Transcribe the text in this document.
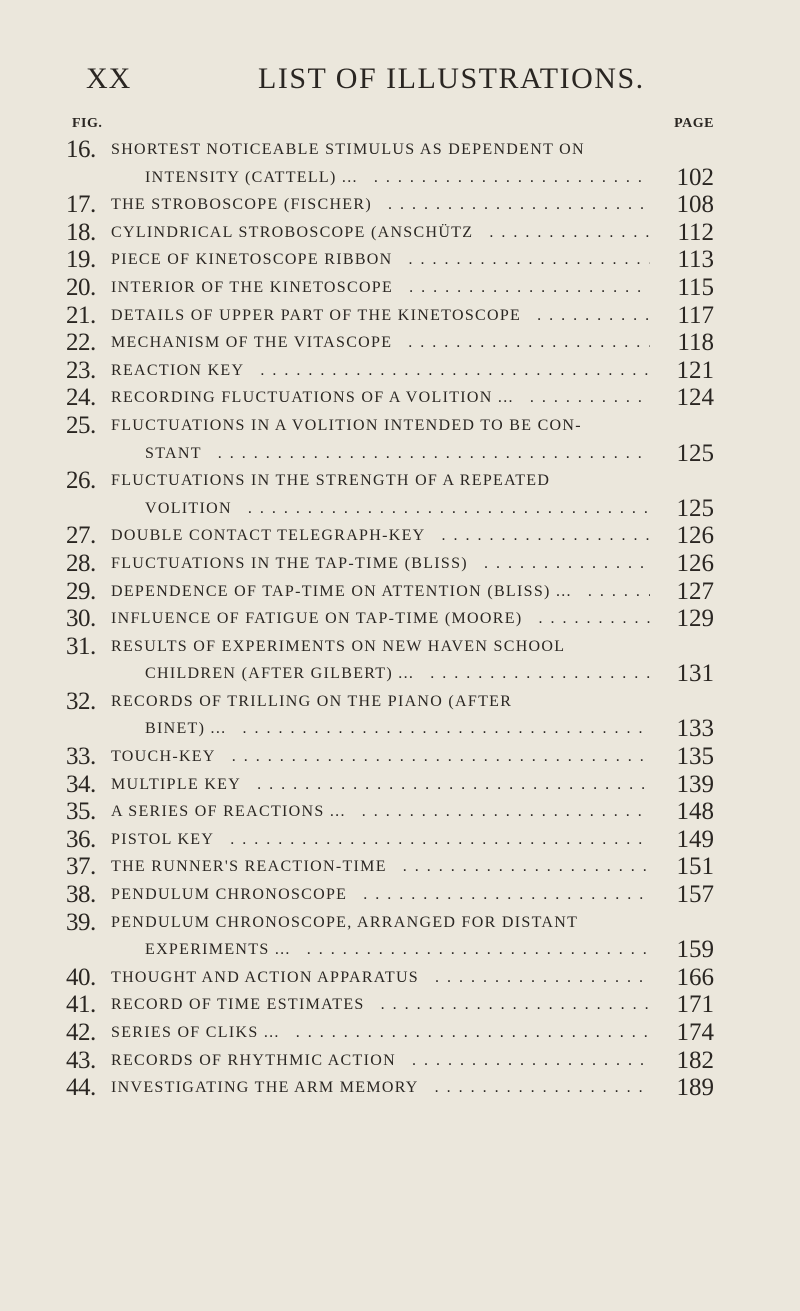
XX	LIST OF ILLUSTRATIONS.
FIG.	PAGE
16. SHORTEST NOTICEABLE STIMULUS AS DEPENDENT ON
INTENSITY (CATTELL) ... . . .	102
17. THE STROBOSCOPE (FISCHER) . . .	108
18. CYLINDRICAL STROBOSCOPE (ANSCHÜTZ . . .	112
19. PIECE OF KINETOSCOPE RIBBON . . .	113
20. INTERIOR OF THE KINETOSCOPE . . .	115
21. DETAILS OF UPPER PART OF THE KINETOSCOPE . . .	117
22. MECHANISM OF THE VITASCOPE . . .	118
23. REACTION KEY . . .	121
24. RECORDING FLUCTUATIONS OF A VOLITION ... . . .	124
25. FLUCTUATIONS IN A VOLITION INTENDED TO BE CON-
STANT . . .	125
26. FLUCTUATIONS IN THE STRENGTH OF A REPEATED
VOLITION . . .	125
27. DOUBLE CONTACT TELEGRAPH-KEY . . .	126
28. FLUCTUATIONS IN THE TAP-TIME (BLISS) . . .	126
29. DEPENDENCE OF TAP-TIME ON ATTENTION (BLISS) ... . . .	127
30. INFLUENCE OF FATIGUE ON TAP-TIME (MOORE) . . .	129
31. RESULTS OF EXPERIMENTS ON NEW HAVEN SCHOOL
CHILDREN (AFTER GILBERT) ... . . .	131
32. RECORDS OF TRILLING ON THE PIANO (AFTER
BINET) ... . . .	133
33. TOUCH-KEY . . .	135
34. MULTIPLE KEY . . .	139
35. A SERIES OF REACTIONS ... . . .	148
36. PISTOL KEY . . .	149
37. THE RUNNER'S REACTION-TIME . . .	151
38. PENDULUM CHRONOSCOPE . . .	157
39. PENDULUM CHRONOSCOPE, ARRANGED FOR DISTANT
EXPERIMENTS ... . . .	159
40. THOUGHT AND ACTION APPARATUS . . .	166
41. RECORD OF TIME ESTIMATES . . .	171
42. SERIES OF CLIKS ... . . .	174
43. RECORDS OF RHYTHMIC ACTION . . .	182
44. INVESTIGATING THE ARM MEMORY . . .	189
